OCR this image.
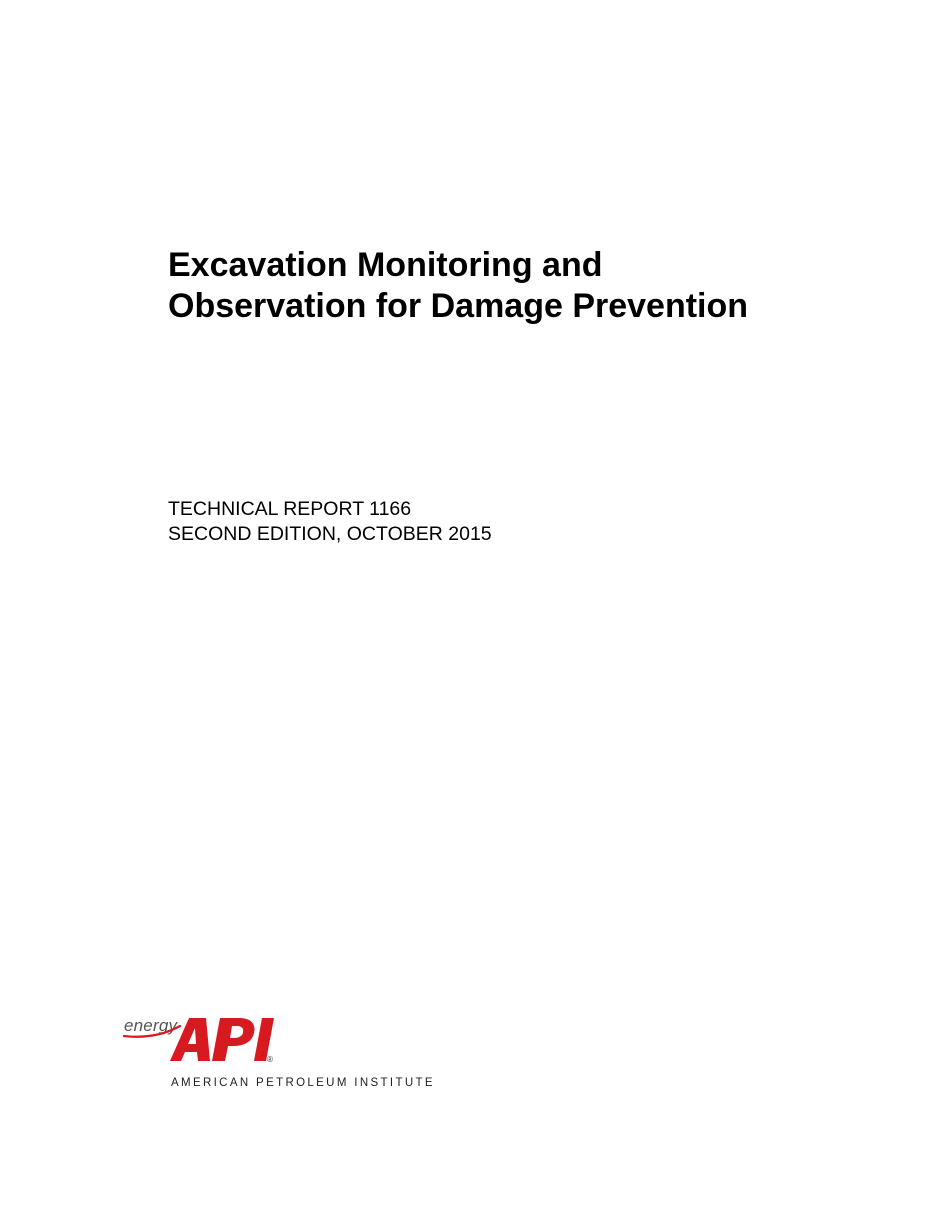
Excavation Monitoring and
Observation for Damage Prevention
TECHNICAL REPORT 1166
SECOND EDITION, OCTOBER 2015
energy
®
AMERICAN PETROLEUM INSTITUTE
